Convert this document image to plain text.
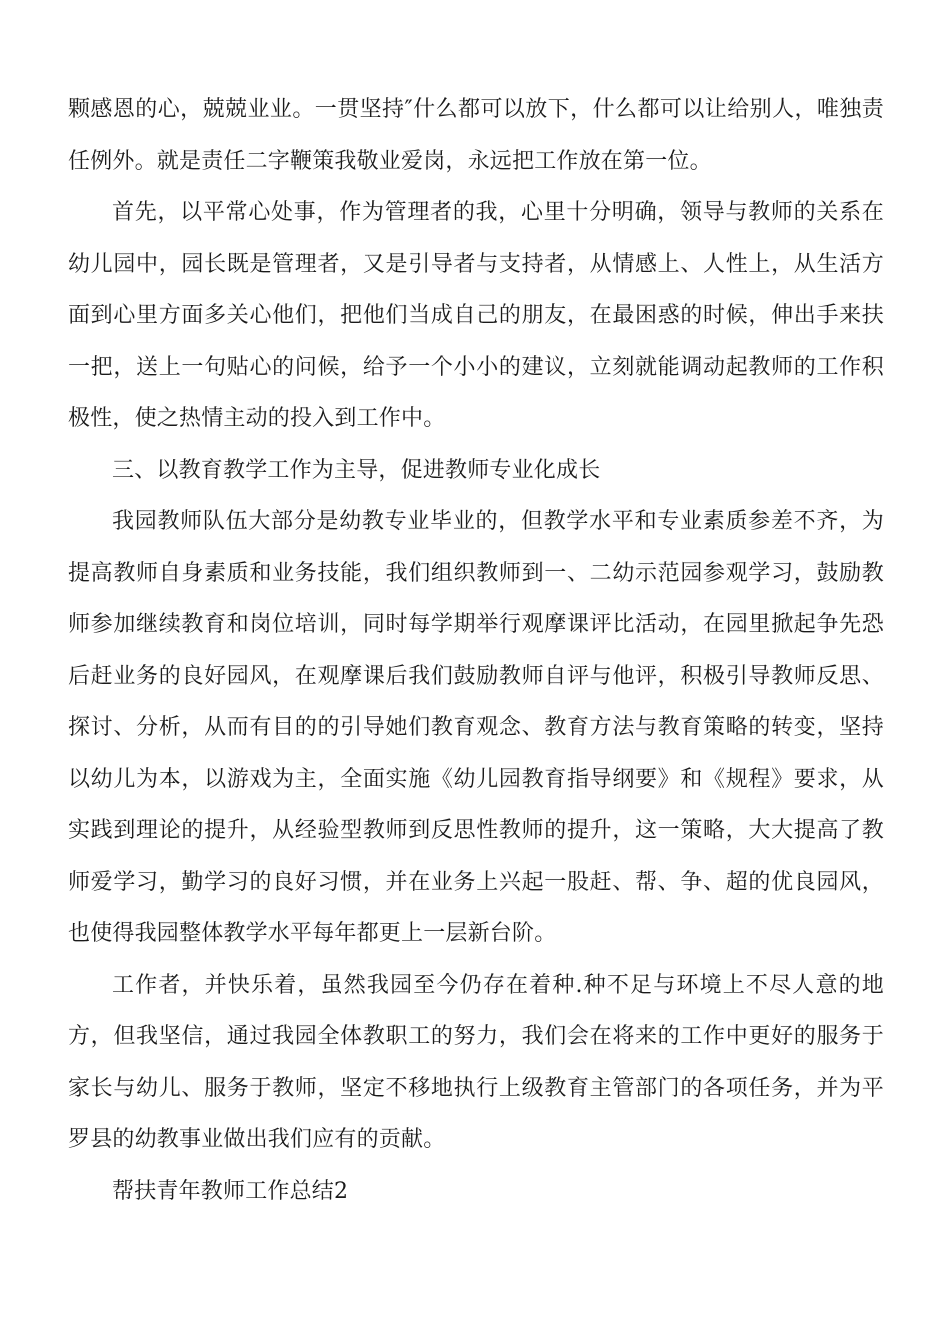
颗感恩的心，兢兢业业。一贯坚持″什么都可以放下，什么都可以让给别人，唯独责任例外。就是责任二字鞭策我敬业爱岗，永远把工作放在第一位。

首先，以平常心处事，作为管理者的我，心里十分明确，领导与教师的关系在幼儿园中，园长既是管理者，又是引导者与支持者，从情感上、人性上，从生活方面到心里方面多关心他们，把他们当成自己的朋友，在最困惑的时候，伸出手来扶一把，送上一句贴心的问候，给予一个小小的建议，立刻就能调动起教师的工作积极性，使之热情主动的投入到工作中。

三、以教育教学工作为主导，促进教师专业化成长

我园教师队伍大部分是幼教专业毕业的，但教学水平和专业素质参差不齐，为提高教师自身素质和业务技能，我们组织教师到一、二幼示范园参观学习，鼓励教师参加继续教育和岗位培训，同时每学期举行观摩课评比活动，在园里掀起争先恐后赶业务的良好园风，在观摩课后我们鼓励教师自评与他评，积极引导教师反思、探讨、分析，从而有目的的引导她们教育观念、教育方法与教育策略的转变，坚持以幼儿为本，以游戏为主，全面实施《幼儿园教育指导纲要》和《规程》要求，从实践到理论的提升，从经验型教师到反思性教师的提升，这一策略，大大提高了教师爱学习，勤学习的良好习惯，并在业务上兴起一股赶、帮、争、超的优良园风，也使得我园整体教学水平每年都更上一层新台阶。

工作者，并快乐着，虽然我园至今仍存在着种.种不足与环境上不尽人意的地方，但我坚信，通过我园全体教职工的努力，我们会在将来的工作中更好的服务于家长与幼儿、服务于教师，坚定不移地执行上级教育主管部门的各项任务，并为平罗县的幼教事业做出我们应有的贡献。

帮扶青年教师工作总结2
